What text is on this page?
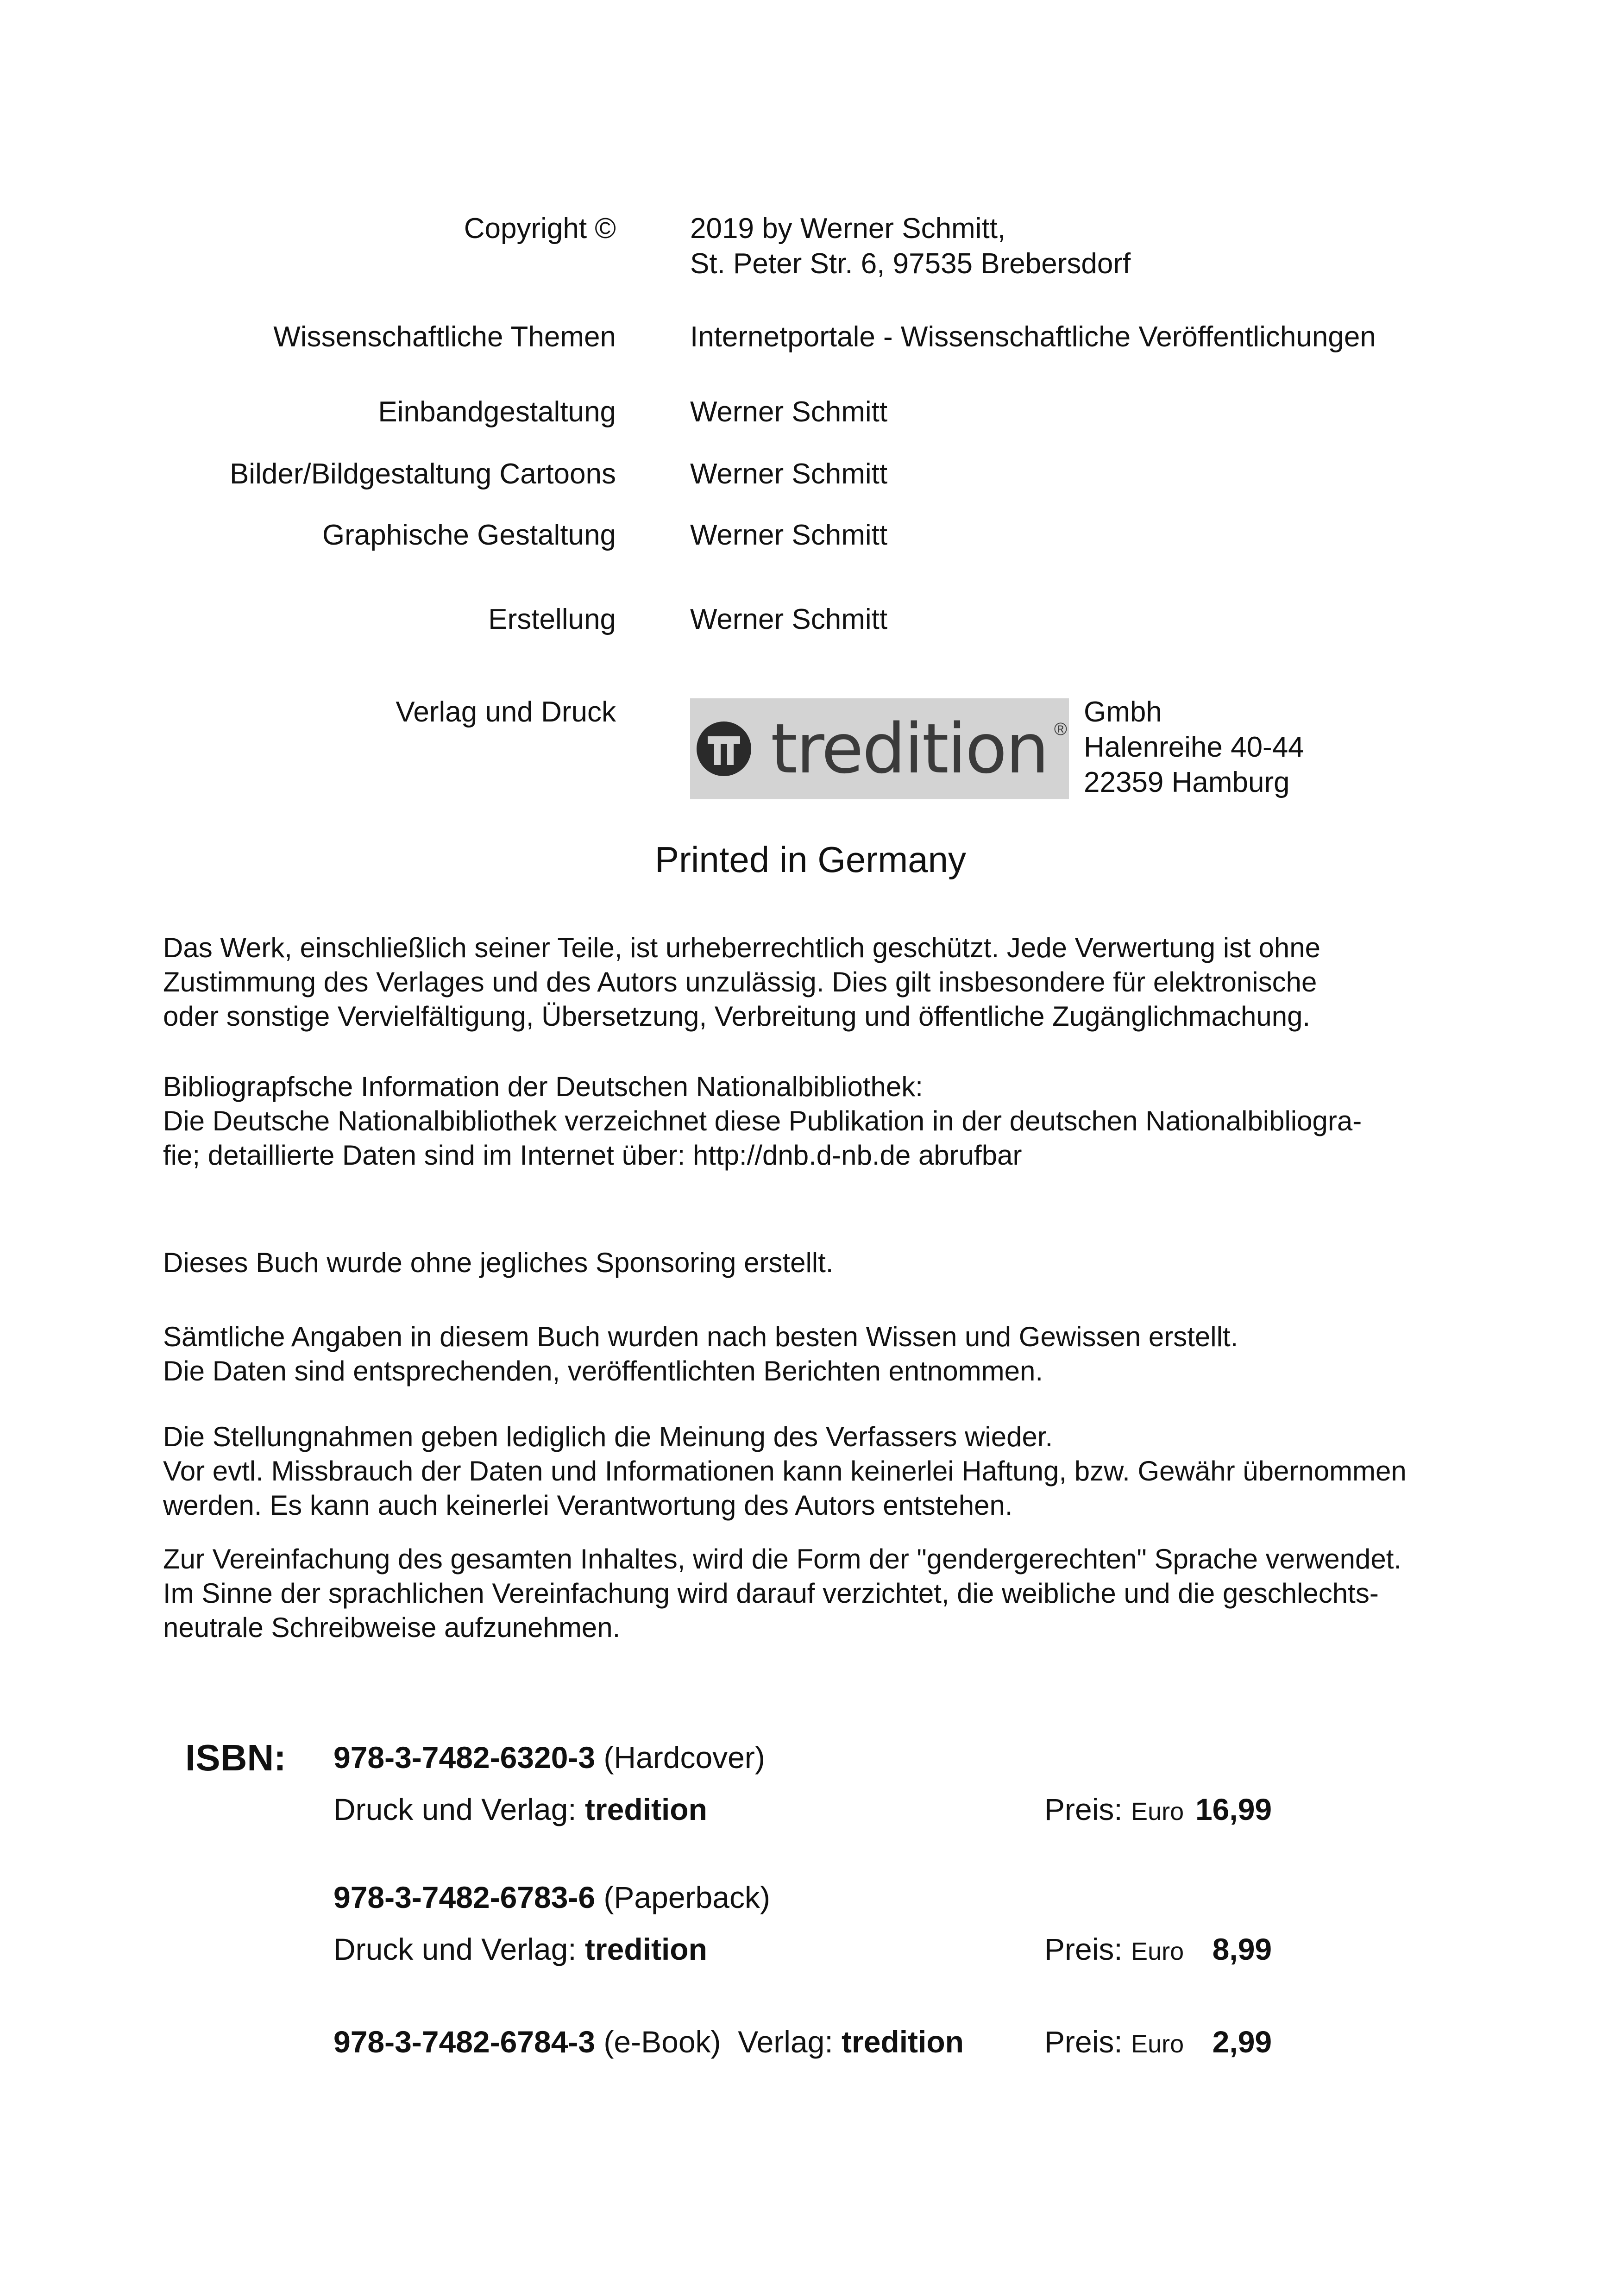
Copyright ©	2019 by Werner Schmitt,
St. Peter Str. 6, 97535 Brebersdorf
Wissenschaftliche Themen	Internetportale - Wissenschaftliche Veröffentlichungen
Einbandgestaltung	Werner Schmitt
Bilder/Bildgestaltung Cartoons	Werner Schmitt
Graphische Gestaltung	Werner Schmitt
Erstellung	Werner Schmitt
Verlag und Druck tredition ®
Gmbh
Halenreihe 40-44
22359 Hamburg
Printed in Germany
Das Werk, einschließlich seiner Teile, ist urheberrechtlich geschützt. Jede Verwertung ist ohne
Zustimmung des Verlages und des Autors unzulässig. Dies gilt insbesondere für elektronische
oder sonstige Vervielfältigung, Übersetzung, Verbreitung und öffentliche Zugänglichmachung.
Bibliograpfsche Information der Deutschen Nationalbibliothek:
Die Deutsche Nationalbibliothek verzeichnet diese Publikation in der deutschen Nationalbibliogra-
fie; detaillierte Daten sind im Internet über: http://dnb.d-nb.de abrufbar
Dieses Buch wurde ohne jegliches Sponsoring erstellt.
Sämtliche Angaben in diesem Buch wurden nach besten Wissen und Gewissen erstellt.
Die Daten sind entsprechenden, veröffentlichten Berichten entnommen.
Die Stellungnahmen geben lediglich die Meinung des Verfassers wieder.
Vor evtl. Missbrauch der Daten und Informationen kann keinerlei Haftung, bzw. Gewähr übernommen
werden. Es kann auch keinerlei Verantwortung des Autors entstehen.
Zur Vereinfachung des gesamten Inhaltes, wird die Form der "gendergerechten" Sprache verwendet.
Im Sinne der sprachlichen Vereinfachung wird darauf verzichtet, die weibliche und die geschlechts-
neutrale Schreibweise aufzunehmen.
ISBN: 978-3-7482-6320-3 (Hardcover)
Druck und Verlag: tredition	Preis: Euro 16,99
978-3-7482-6783-6 (Paperback)
Druck und Verlag: tredition	Preis: Euro 8,99
978-3-7482-6784-3 (e-Book) Verlag: tredition	Preis: Euro 2,99
